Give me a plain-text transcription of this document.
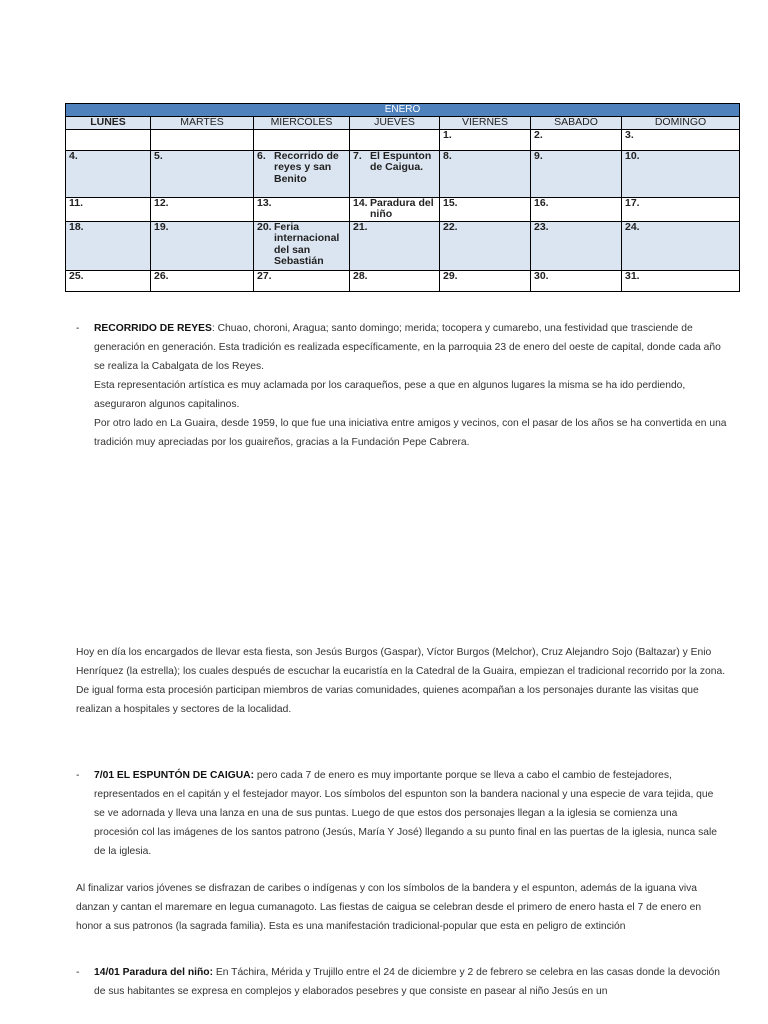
ENERO						
LUNES	MARTES	MIERCOLES	JUEVES	VIERNES	SABADO	DOMINGO
				1.	2.	3.
4.	5.	6. Recorrido de reyes y san Benito	7. El Espunton de Caigua.	8.	9.	10.
11.	12.	13.	14. Paradura del niño	15.	16.	17.
18.	19.	20. Feria internacional del san Sebastián	21.	22.	23.	24.
25.	26.	27.	28.	29.	30.	31.
- RECORRIDO DE REYES: Chuao, choroni, Aragua; santo domingo; merida; tocopera y cumarebo, una festividad que trasciende de generación en generación. Esta tradición es realizada específicamente, en la parroquia 23 de enero del oeste de capital, donde cada año se realiza la Cabalgata de los Reyes.
Esta representación artística es muy aclamada por los caraqueños, pese a que en algunos lugares la misma se ha ido perdiendo, aseguraron algunos capitalinos.
Por otro lado en La Guaira, desde 1959, lo que fue una iniciativa entre amigos y vecinos, con el pasar de los años se ha convertida en una tradición muy apreciadas por los guaireños, gracias a la Fundación Pepe Cabrera.
Hoy en día los encargados de llevar esta fiesta, son Jesús Burgos (Gaspar), Víctor Burgos (Melchor), Cruz Alejandro Sojo (Baltazar) y Enio Henríquez (la estrella); los cuales después de escuchar la eucaristía en la Catedral de la Guaira, empiezan el tradicional recorrido por la zona.
De igual forma esta procesión participan miembros de varias comunidades, quienes acompañan a los personajes durante las visitas que realizan a hospitales y sectores de la localidad.
- 7/01 EL ESPUNTÓN DE CAIGUA: pero cada 7 de enero es muy importante porque se lleva a cabo el cambio de festejadores, representados en el capitán y el festejador mayor. Los símbolos del espunton son la bandera nacional y una especie de vara tejida, que se ve adornada y lleva una lanza en una de sus puntas. Luego de que estos dos personajes llegan a la iglesia se comienza una procesión col las imágenes de los santos patrono (Jesús, María Y José) llegando a su punto final en las puertas de la iglesia, nunca sale de la iglesia.
Al finalizar varios jóvenes se disfrazan de caribes o indígenas y con los símbolos de la bandera y el espunton, además de la iguana viva danzan y cantan el maremare en legua cumanagoto. Las fiestas de caigua se celebran desde el primero de enero hasta el 7 de enero en honor a sus patronos (la sagrada familia). Esta es una manifestación tradicional-popular que esta en peligro de extinción
- 14/01 Paradura del niño: En Táchira, Mérida y Trujillo entre el 24 de diciembre y 2 de febrero se celebra en las casas donde la devoción de sus habitantes se expresa en complejos y elaborados pesebres y que consiste en pasear al niño Jesús en un
